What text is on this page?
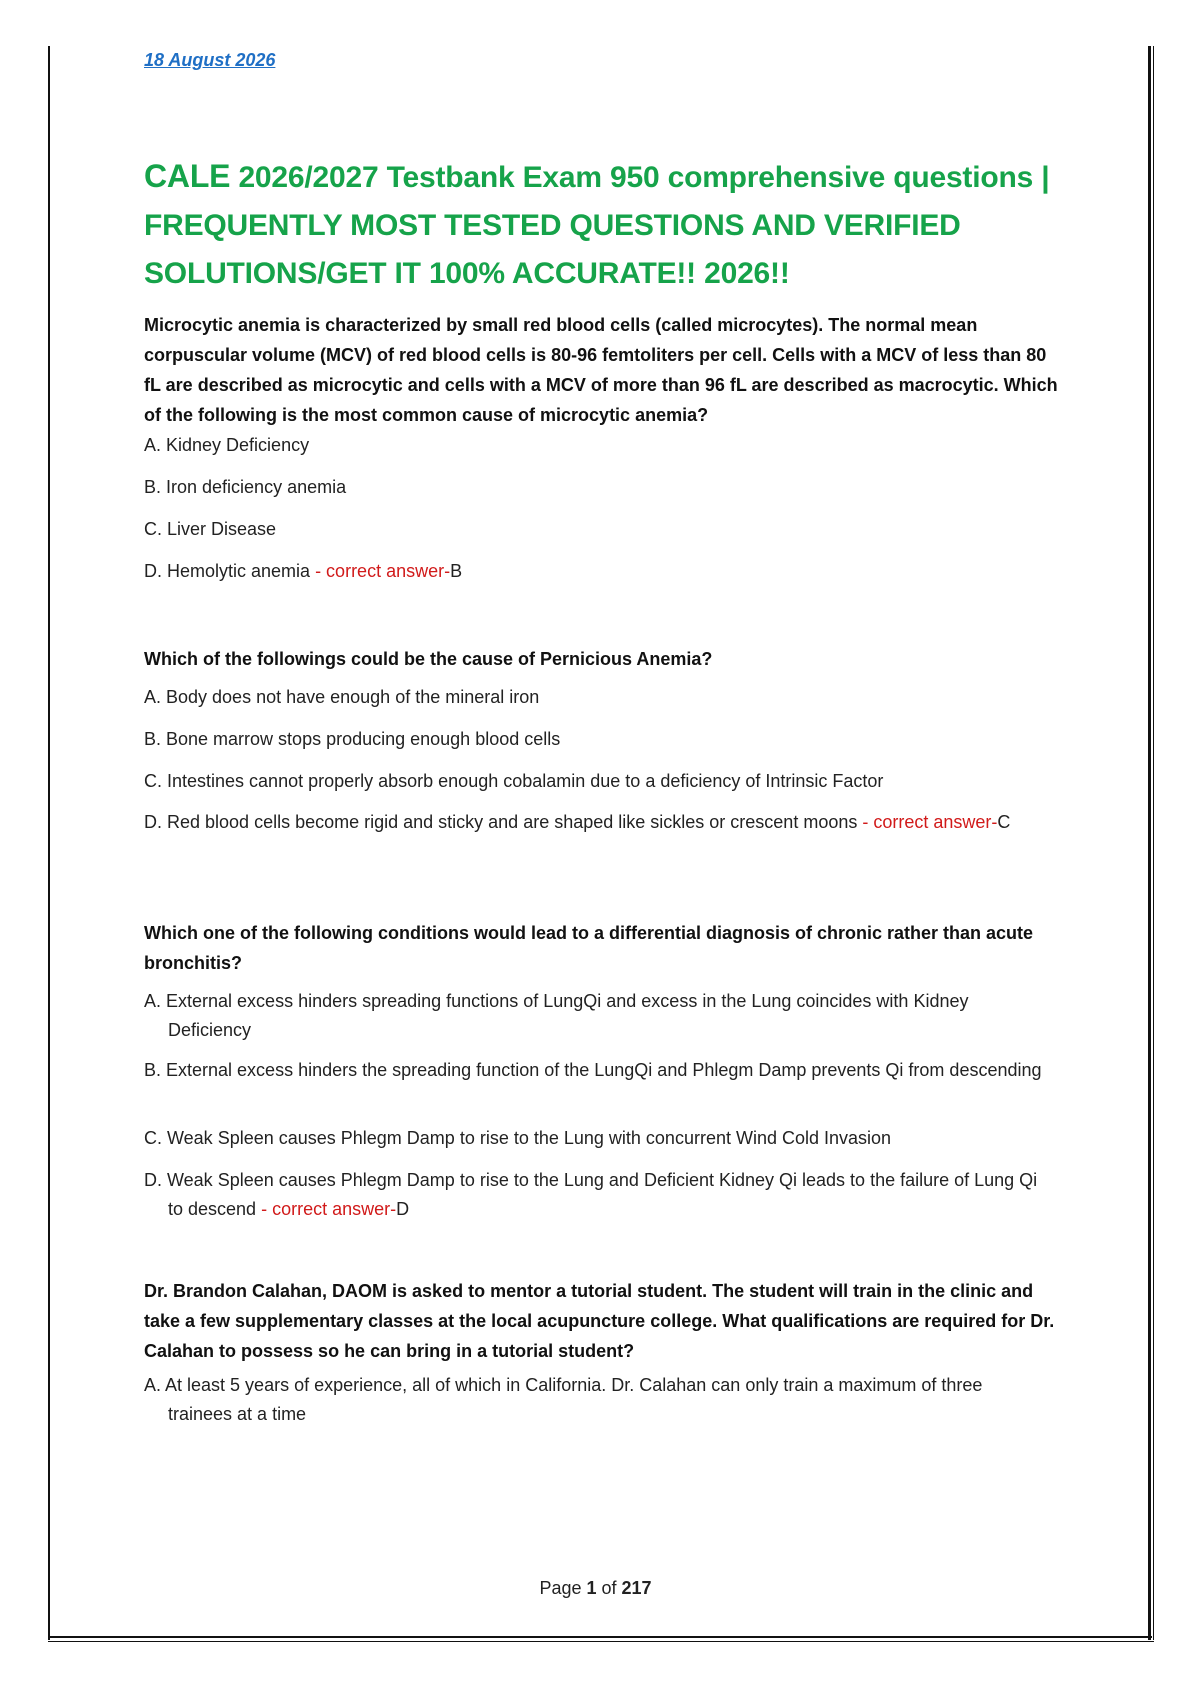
18 August 2026
CALE 2026/2027 Testbank Exam 950 comprehensive questions | FREQUENTLY MOST TESTED QUESTIONS AND VERIFIED SOLUTIONS/GET IT 100% ACCURATE!! 2026!!
Microcytic anemia is characterized by small red blood cells (called microcytes). The normal mean corpuscular volume (MCV) of red blood cells is 80-96 femtoliters per cell. Cells with a MCV of less than 80 fL are described as microcytic and cells with a MCV of more than 96 fL are described as macrocytic. Which of the following is the most common cause of microcytic anemia?
A. Kidney Deficiency
B. Iron deficiency anemia
C. Liver Disease
D. Hemolytic anemia - correct answer-B
Which of the followings could be the cause of Pernicious Anemia?
A. Body does not have enough of the mineral iron
B. Bone marrow stops producing enough blood cells
C. Intestines cannot properly absorb enough cobalamin due to a deficiency of Intrinsic Factor
D. Red blood cells become rigid and sticky and are shaped like sickles or crescent moons - correct answer-C
Which one of the following conditions would lead to a differential diagnosis of chronic rather than acute bronchitis?
A. External excess hinders spreading functions of LungQi and excess in the Lung coincides with Kidney Deficiency
B. External excess hinders the spreading function of the LungQi and Phlegm Damp prevents Qi from descending
C. Weak Spleen causes Phlegm Damp to rise to the Lung with concurrent Wind Cold Invasion
D. Weak Spleen causes Phlegm Damp to rise to the Lung and Deficient Kidney Qi leads to the failure of Lung Qi to descend - correct answer-D
Dr. Brandon Calahan, DAOM is asked to mentor a tutorial student. The student will train in the clinic and take a few supplementary classes at the local acupuncture college. What qualifications are required for Dr. Calahan to possess so he can bring in a tutorial student?
A. At least 5 years of experience, all of which in California. Dr. Calahan can only train a maximum of three trainees at a time
Page 1 of 217
